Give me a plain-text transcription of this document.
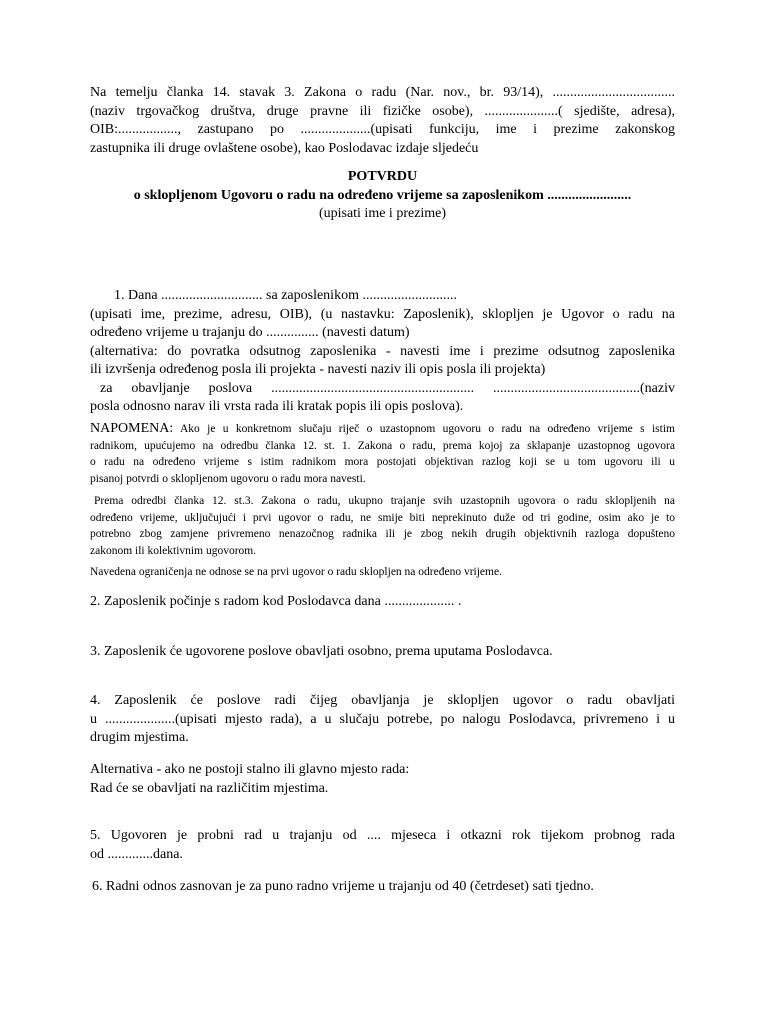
Na temelju članka 14. stavak 3. Zakona o radu (Nar. nov., br. 93/14), ...................................
(naziv trgovačkog društva, druge pravne ili fizičke osobe), .....................( sjedište, adresa),
OIB:................., zastupano po ....................(upisati funkciju, ime i prezime zakonskog
zastupnika ili druge ovlaštene osobe), kao Poslodavac izdaje sljedeću
POTVRDU
o sklopljenom Ugovoru o radu na određeno vrijeme sa zaposlenikom ........................
(upisati ime i prezime)
1. Dana ............................. sa zaposlenikom ...........................
(upisati ime, prezime, adresu, OIB), (u nastavku: Zaposlenik), sklopljen je Ugovor o radu na
određeno vrijeme u trajanju do ............... (navesti datum)
(alternativa: do povratka odsutnog zaposlenika - navesti ime i prezime odsutnog zaposlenika
ili izvršenja određenog posla ili projekta - navesti naziv ili opis posla ili projekta)
za obavljanje poslova .......................................................... ..........................................(naziv
posla odnosno narav ili vrsta rada ili kratak popis ili opis poslova).
NAPOMENA: Ako je u konkretnom slučaju riječ o uzastopnom ugovoru o radu na određeno vrijeme s istim
radnikom, upućujemo na odredbu članka 12. st. 1. Zakona o radu, prema kojoj za sklapanje uzastopnog ugovora
o radu na određeno vrijeme s istim radnikom mora postojati objektivan razlog koji se u tom ugovoru ili u
pisanoj potvrdi o sklopljenom ugovoru o radu mora navesti.
Prema odredbi članka 12. st.3. Zakona o radu, ukupno trajanje svih uzastopnih ugovora o radu sklopljenih na
određeno vrijeme, uključujući i prvi ugovor o radu, ne smije biti neprekinuto duže od tri godine, osim ako je to
potrebno zbog zamjene privremeno nenazočnog radnika ili je zbog nekih drugih objektivnih razloga dopušteno
zakonom ili kolektivnim ugovorom.
Navedena ograničenja ne odnose se na prvi ugovor o radu sklopljen na određeno vrijeme.
2. Zaposlenik počinje s radom kod Poslodavca dana .................... .
3. Zaposlenik će ugovorene poslove obavljati osobno, prema uputama Poslodavca.
4. Zaposlenik će poslove radi čijeg obavljanja je sklopljen ugovor o radu obavljati
u ....................(upisati mjesto rada), a u slučaju potrebe, po nalogu Poslodavca, privremeno i u
drugim mjestima.
Alternativa - ako ne postoji stalno ili glavno mjesto rada:
Rad će se obavljati na različitim mjestima.
5. Ugovoren je probni rad u trajanju od .... mjeseca i otkazni rok tijekom probnog rada
od .............dana.
6. Radni odnos zasnovan je za puno radno vrijeme u trajanju od 40 (četrdeset) sati tjedno.
